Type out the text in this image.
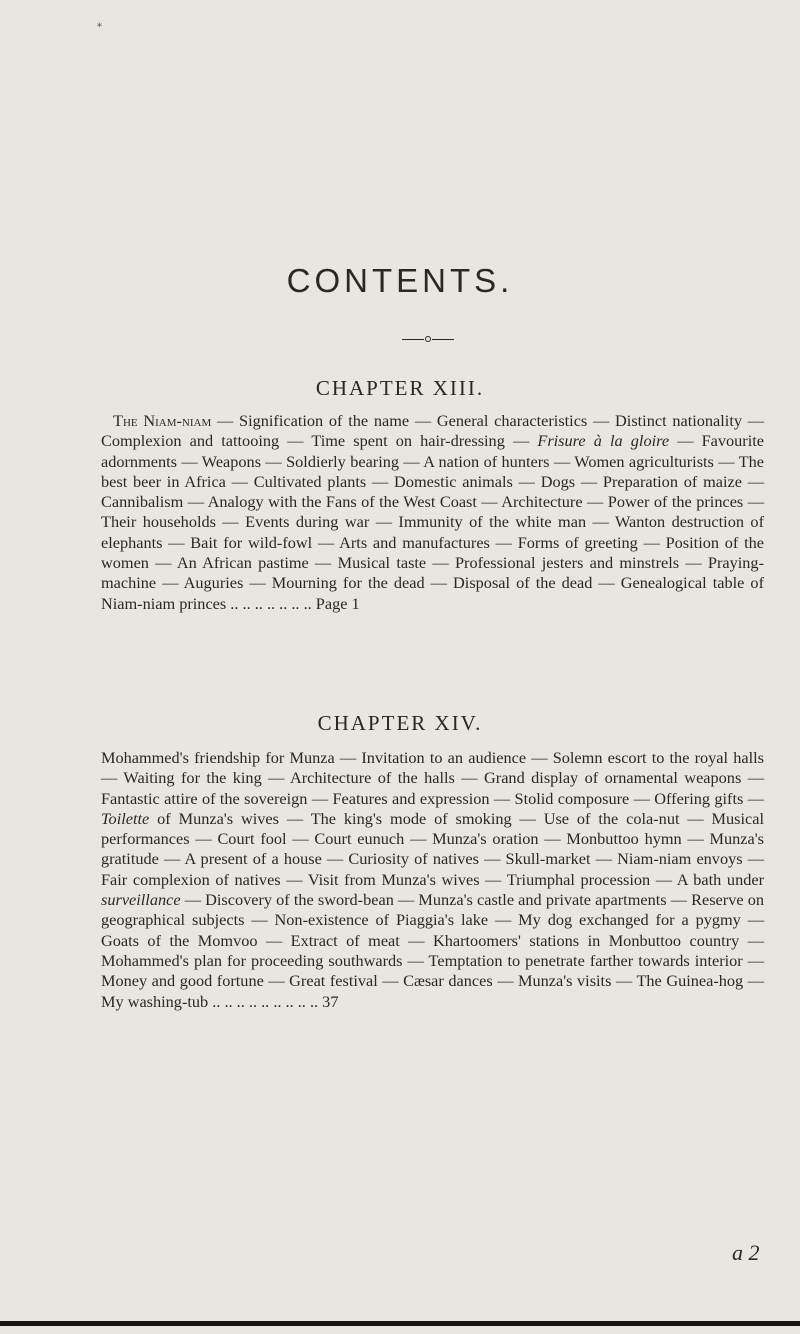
*
CONTENTS.
CHAPTER XIII.

The Niam-niam — Signification of the name — General characteristics — Distinct nationality — Complexion and tattooing — Time spent on hair-dressing — Frisure à la gloire — Favourite adornments — Weapons — Soldierly bearing — A nation of hunters — Women agriculturists — The best beer in Africa — Cultivated plants — Domestic animals — Dogs — Preparation of maize — Cannibalism — Analogy with the Fans of the West Coast — Architecture — Power of the princes — Their households — Events during war — Immunity of the white man — Wanton destruction of elephants — Bait for wild-fowl — Arts and manufactures — Forms of greeting — Position of the women — An African pastime — Musical taste — Professional jesters and minstrels — Praying-machine — Auguries — Mourning for the dead — Disposal of the dead — Genealogical table of Niam-niam princes .. .. .. .. .. .. .. Page 1

CHAPTER XIV.

Mohammed's friendship for Munza — Invitation to an audience — Solemn escort to the royal halls — Waiting for the king — Architecture of the halls — Grand display of ornamental weapons — Fantastic attire of the sovereign — Features and expression — Stolid composure — Offering gifts — Toilette of Munza's wives — The king's mode of smoking — Use of the cola-nut — Musical performances — Court fool — Court eunuch — Munza's oration — Monbuttoo hymn — Munza's gratitude — A present of a house — Curiosity of natives — Skull-market — Niam-niam envoys — Fair complexion of natives — Visit from Munza's wives — Triumphal procession — A bath under surveillance — Discovery of the sword-bean — Munza's castle and private apartments — Reserve on geographical subjects — Non-existence of Piaggia's lake — My dog exchanged for a pygmy — Goats of the Momvoo — Extract of meat — Khartoomers' stations in Monbuttoo country — Mohammed's plan for proceeding southwards — Temptation to penetrate farther towards interior — Money and good fortune — Great festival — Cæsar dances — Munza's visits — The Guinea-hog — My washing-tub .. .. .. .. .. .. .. .. .. 37

a 2
